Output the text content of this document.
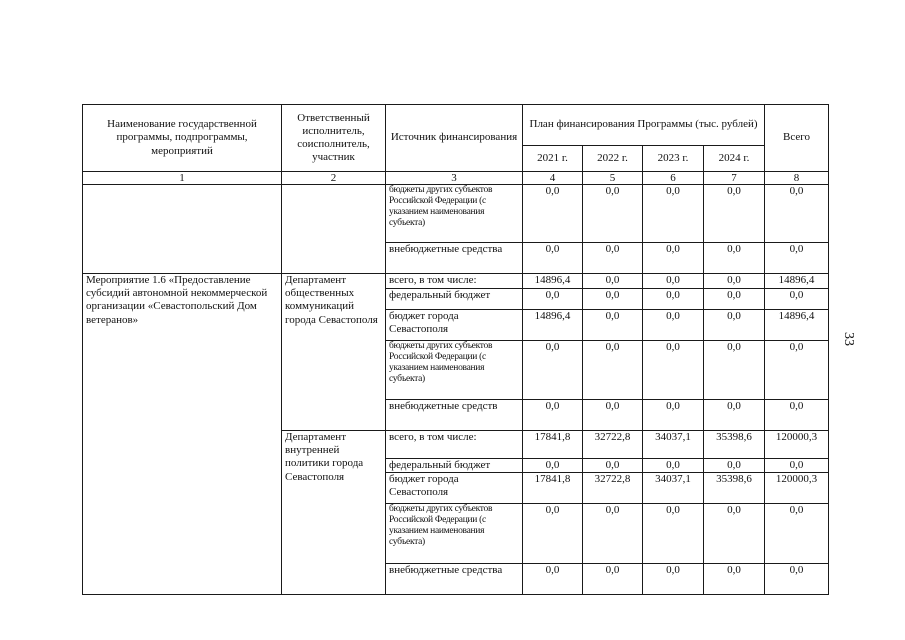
Наименование государственной программы, подпрограммы, мероприятий	Ответственный исполнитель, соисполнитель, участник	Источник финансирования	План финансирования Программы (тыс. рублей)				Всего
			2021 г.	2022 г.	2023 г.	2024 г.	
1	2	3	4	5	6	7	8
		бюджеты других субъектов Российской Федерации (с указанием наименования субъекта)	0,0	0,0	0,0	0,0	0,0
		внебюджетные средства	0,0	0,0	0,0	0,0	0,0
Мероприятие 1.6 «Предоставление субсидий автономной некоммерческой организации «Севастопольский Дом ветеранов»	Департамент общественных коммуникаций города Севастополя	всего, в том числе:	14896,4	0,0	0,0	0,0	14896,4
		федеральный бюджет	0,0	0,0	0,0	0,0	0,0
		бюджет города Севастополя	14896,4	0,0	0,0	0,0	14896,4
		бюджеты других субъектов Российской Федерации (с указанием наименования субъекта)	0,0	0,0	0,0	0,0	0,0
		внебюджетные средств	0,0	0,0	0,0	0,0	0,0
	Департамент внутренней политики города Севастополя	всего, в том числе:	17841,8	32722,8	34037,1	35398,6	120000,3
		федеральный бюджет	0,0	0,0	0,0	0,0	0,0
		бюджет города Севастополя	17841,8	32722,8	34037,1	35398,6	120000,3
		бюджеты других субъектов Российской Федерации (с указанием наименования субъекта)	0,0	0,0	0,0	0,0	0,0
		внебюджетные средства	0,0	0,0	0,0	0,0	0,0
33
